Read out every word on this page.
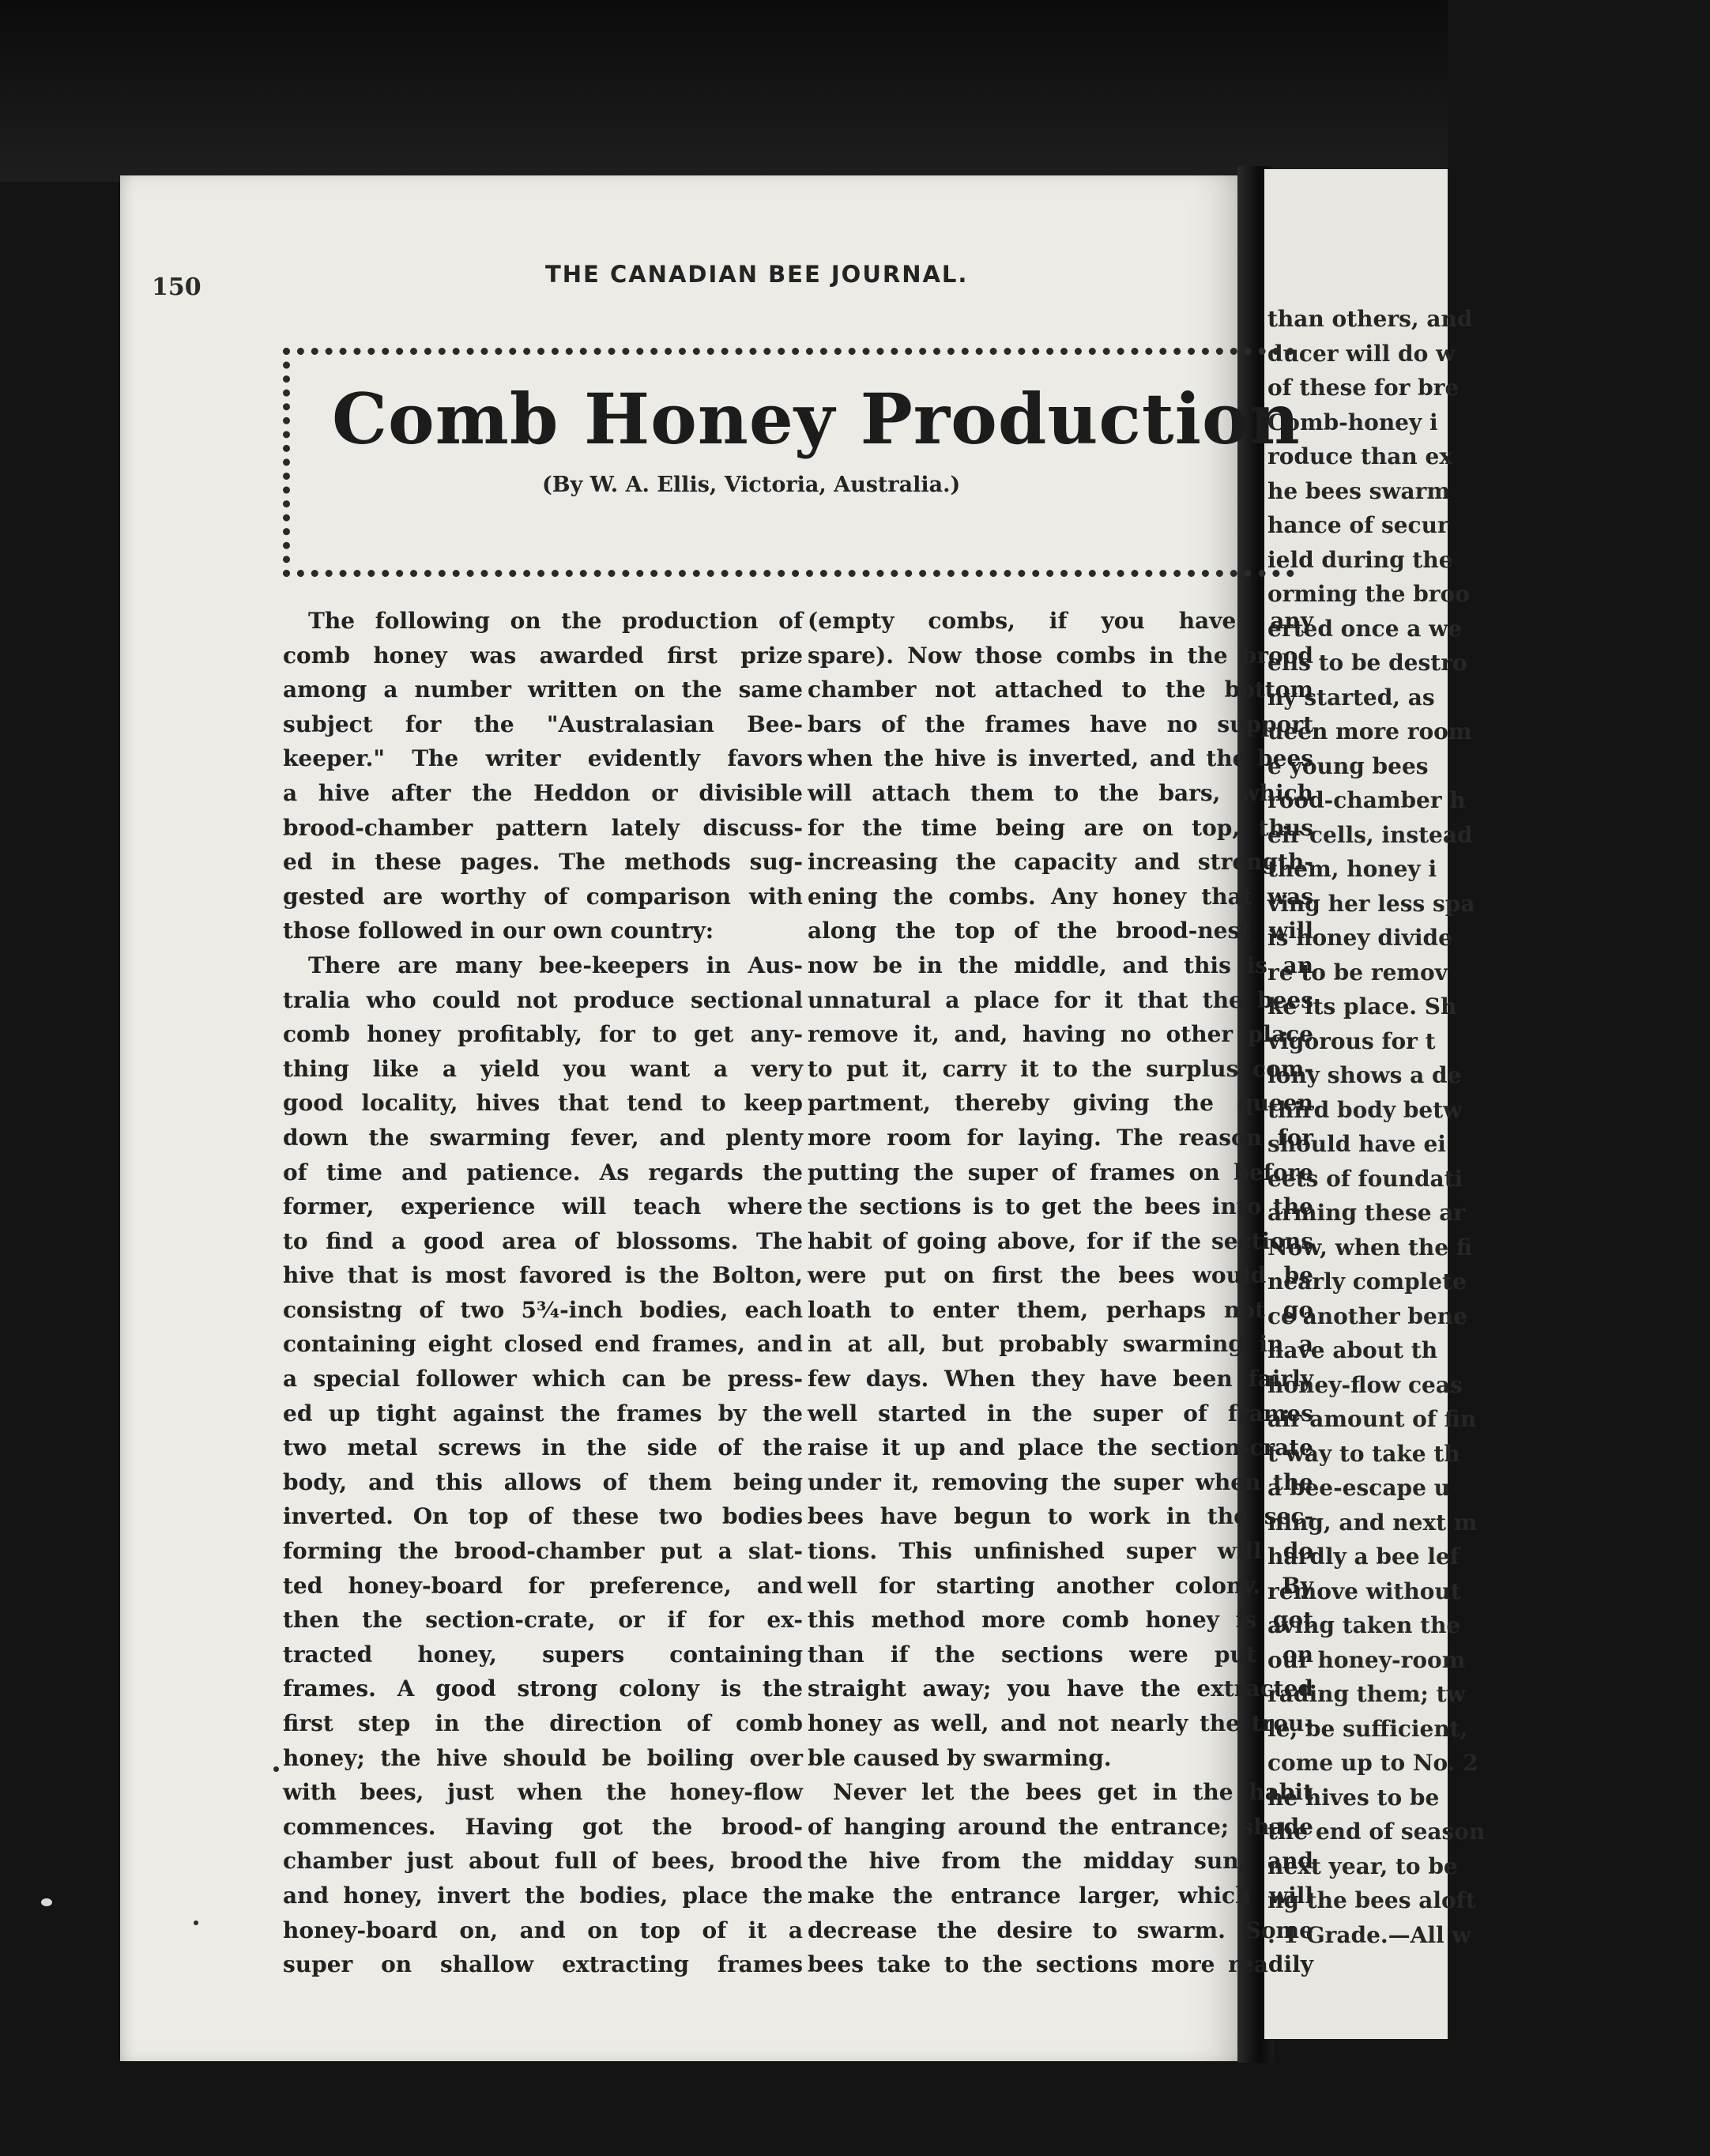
than others, and
ducer will do w
of these for bre
Comb-honey i
roduce than ex
he bees swarm
hance of secur
ield during the
orming the broo
erted once a we
ells to be destro
ny started, as
ueen more room
e young bees
rood-chamber h
eir cells, instead
them, honey i
ving her less spa
is honey divide
re to be remov
ke its place. Sh
vigorous for t
lony shows a de
third body betw
should have ei
eets of foundati
arming these ar
Now, when the fi
nearly complete
ce another bene
have about th
honey-flow ceas
air amount of fin
t way to take th
a bee-escape u
ning, and next m
hardly a bee lef
remove without
aving taken the
our honey-room
rading them; tw
le, be sufficient,
come up to No. 2
he hives to be
the end of season
next year, to be
ng the bees aloft
. 1 Grade.—All w
150	THE CANADIAN BEE JOURNAL.
Comb Honey Production
(By W. A. Ellis, Victoria, Australia.)
The following on the production of
comb honey was awarded first prize
among a number written on the same
subject for the "Australasian Bee-
keeper." The writer evidently favors
a hive after the Heddon or divisible
brood-chamber pattern lately discuss-
ed in these pages. The methods sug-
gested are worthy of comparison with
those followed in our own country:
There are many bee-keepers in Aus-
tralia who could not produce sectional
comb honey profitably, for to get any-
thing like a yield you want a very
good locality, hives that tend to keep
down the swarming fever, and plenty
of time and patience. As regards the
former, experience will teach where
to find a good area of blossoms. The
hive that is most favored is the Bolton,
consistng of two 5¾-inch bodies, each
containing eight closed end frames, and
a special follower which can be press-
ed up tight against the frames by the
two metal screws in the side of the
body, and this allows of them being
inverted. On top of these two bodies
forming the brood-chamber put a slat-
ted honey-board for preference, and
then the section-crate, or if for ex-
tracted honey, supers containing
frames. A good strong colony is the
first step in the direction of comb
honey; the hive should be boiling over
with bees, just when the honey-flow
commences. Having got the brood-
chamber just about full of bees, brood
and honey, invert the bodies, place the
honey-board on, and on top of it a
super on shallow extracting frames
(empty combs, if you have any
spare). Now those combs in the brood
chamber not attached to the bottom
bars of the frames have no support
when the hive is inverted, and the bees
will attach them to the bars, which
for the time being are on top, thus
increasing the capacity and strength-
ening the combs. Any honey that was
along the top of the brood-nest will
now be in the middle, and this is an
unnatural a place for it that the bees
remove it, and, having no other place
to put it, carry it to the surplus com-
partment, thereby giving the queen
more room for laying. The reason for
putting the super of frames on before
the sections is to get the bees into the
habit of going above, for if the sections
were put on first the bees would be
loath to enter them, perhaps not go
in at all, but probably swarming in a
few days. When they have been fairly
well started in the super of frames
raise it up and place the section-crate
under it, removing the super when the
bees have begun to work in the sec-
tions. This unfinished super will do
well for starting another colony. By
this method more comb honey is got
than if the sections were put on
straight away; you have the extracted
honey as well, and not nearly the trou-
ble caused by swarming.
Never let the bees get in the habit
of hanging around the entrance; shade
the hive from the midday sun, and
make the entrance larger, which will
decrease the desire to swarm. Some
bees take to the sections more readily
